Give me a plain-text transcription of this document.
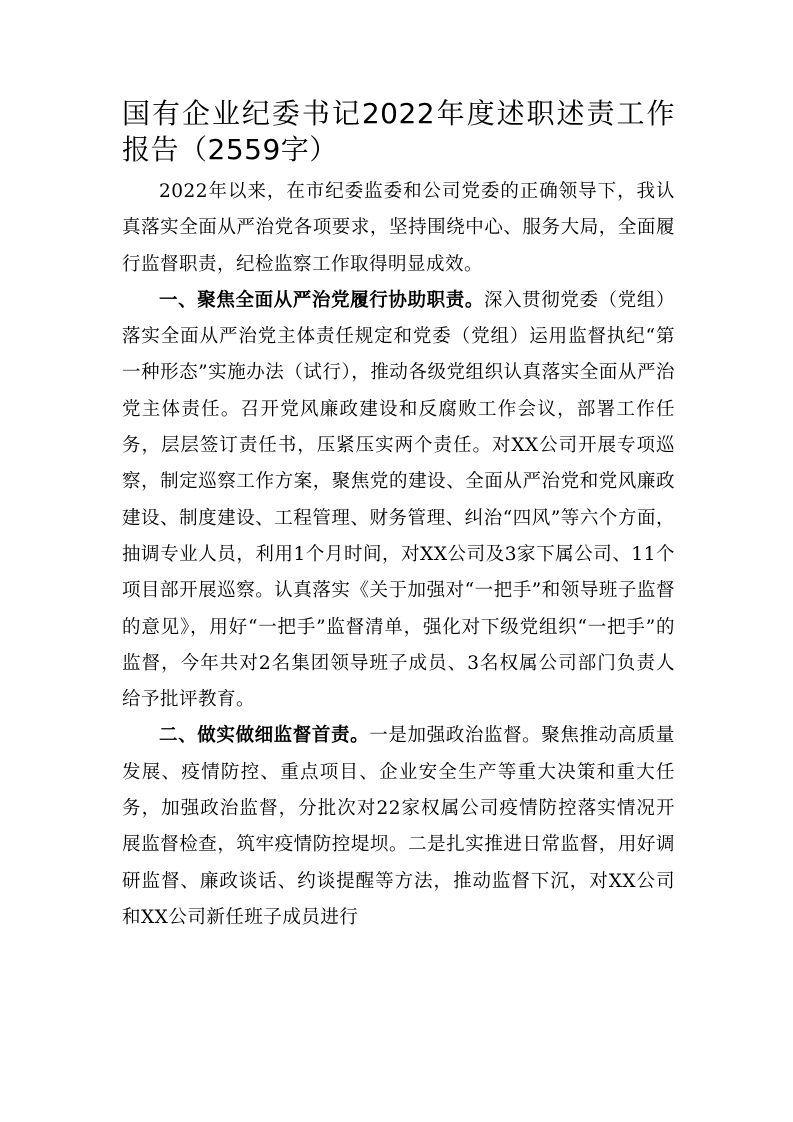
国有企业纪委书记2022年度述职述责工作报告（2559字）

2022年以来，在市纪委监委和公司党委的正确领导下，我认真落实全面从严治党各项要求，坚持围绕中心、服务大局，全面履行监督职责，纪检监察工作取得明显成效。

一、聚焦全面从严治党履行协助职责。深入贯彻党委（党组）落实全面从严治党主体责任规定和党委（党组）运用监督执纪“第一种形态”实施办法（试行），推动各级党组织认真落实全面从严治党主体责任。召开党风廉政建设和反腐败工作会议，部署工作任务，层层签订责任书，压紧压实两个责任。对XX公司开展专项巡察，制定巡察工作方案，聚焦党的建设、全面从严治党和党风廉政建设、制度建设、工程管理、财务管理、纠治“四风”等六个方面，抽调专业人员，利用1个月时间，对XX公司及3家下属公司、11个项目部开展巡察。认真落实《关于加强对“一把手”和领导班子监督的意见》，用好“一把手”监督清单，强化对下级党组织“一把手”的监督，今年共对2名集团领导班子成员、3名权属公司部门负责人给予批评教育。

二、做实做细监督首责。一是加强政治监督。聚焦推动高质量发展、疫情防控、重点项目、企业安全生产等重大决策和重大任务，加强政治监督，分批次对22家权属公司疫情防控落实情况开展监督检查，筑牢疫情防控堤坝。二是扎实推进日常监督，用好调研监督、廉政谈话、约谈提醒等方法，推动监督下沉，对XX公司和XX公司新任班子成员进行
